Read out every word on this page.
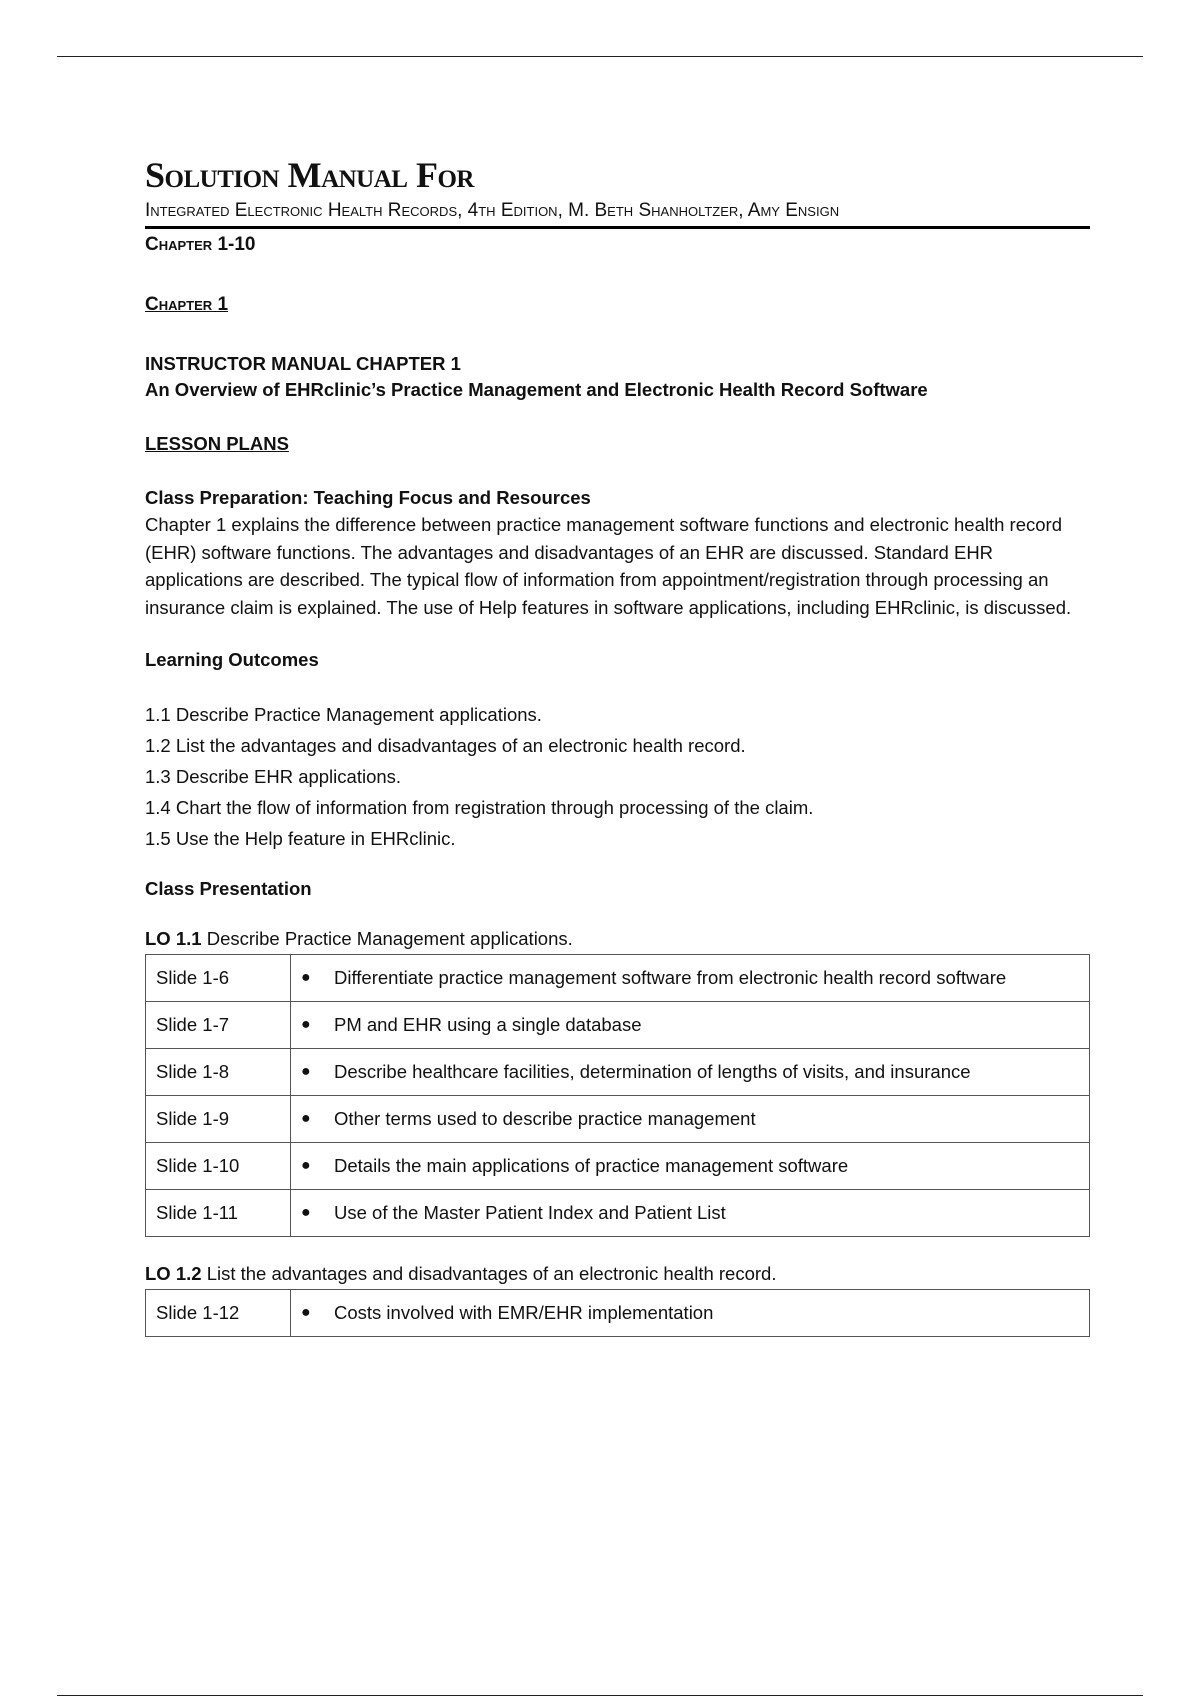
Solution Manual For
Integrated Electronic Health Records, 4th Edition, M. Beth Shanholtzer, Amy Ensign
Chapter 1-10
Chapter 1
INSTRUCTOR MANUAL CHAPTER 1
An Overview of EHRclinic’s Practice Management and Electronic Health Record Software
LESSON PLANS
Class Preparation: Teaching Focus and Resources
Chapter 1 explains the difference between practice management software functions and electronic health record (EHR) software functions. The advantages and disadvantages of an EHR are discussed. Standard EHR applications are described. The typical flow of information from appointment/registration through processing an insurance claim is explained. The use of Help features in software applications, including EHRclinic, is discussed.
Learning Outcomes
1.1 Describe Practice Management applications.
1.2 List the advantages and disadvantages of an electronic health record.
1.3 Describe EHR applications.
1.4 Chart the flow of information from registration through processing of the claim.
1.5 Use the Help feature in EHRclinic.
Class Presentation
LO 1.1 Describe Practice Management applications.
Slide 1-6	● Differentiate practice management software from electronic health record software

Slide 1-7	● PM and EHR using a single database

Slide 1-8	● Describe healthcare facilities, determination of lengths of visits, and insurance

Slide 1-9	● Other terms used to describe practice management

Slide 1-10	● Details the main applications of practice management software

Slide 1-11	● Use of the Master Patient Index and Patient List
LO 1.2 List the advantages and disadvantages of an electronic health record.
Slide 1-12	●	Costs involved with EMR/EHR implementation
